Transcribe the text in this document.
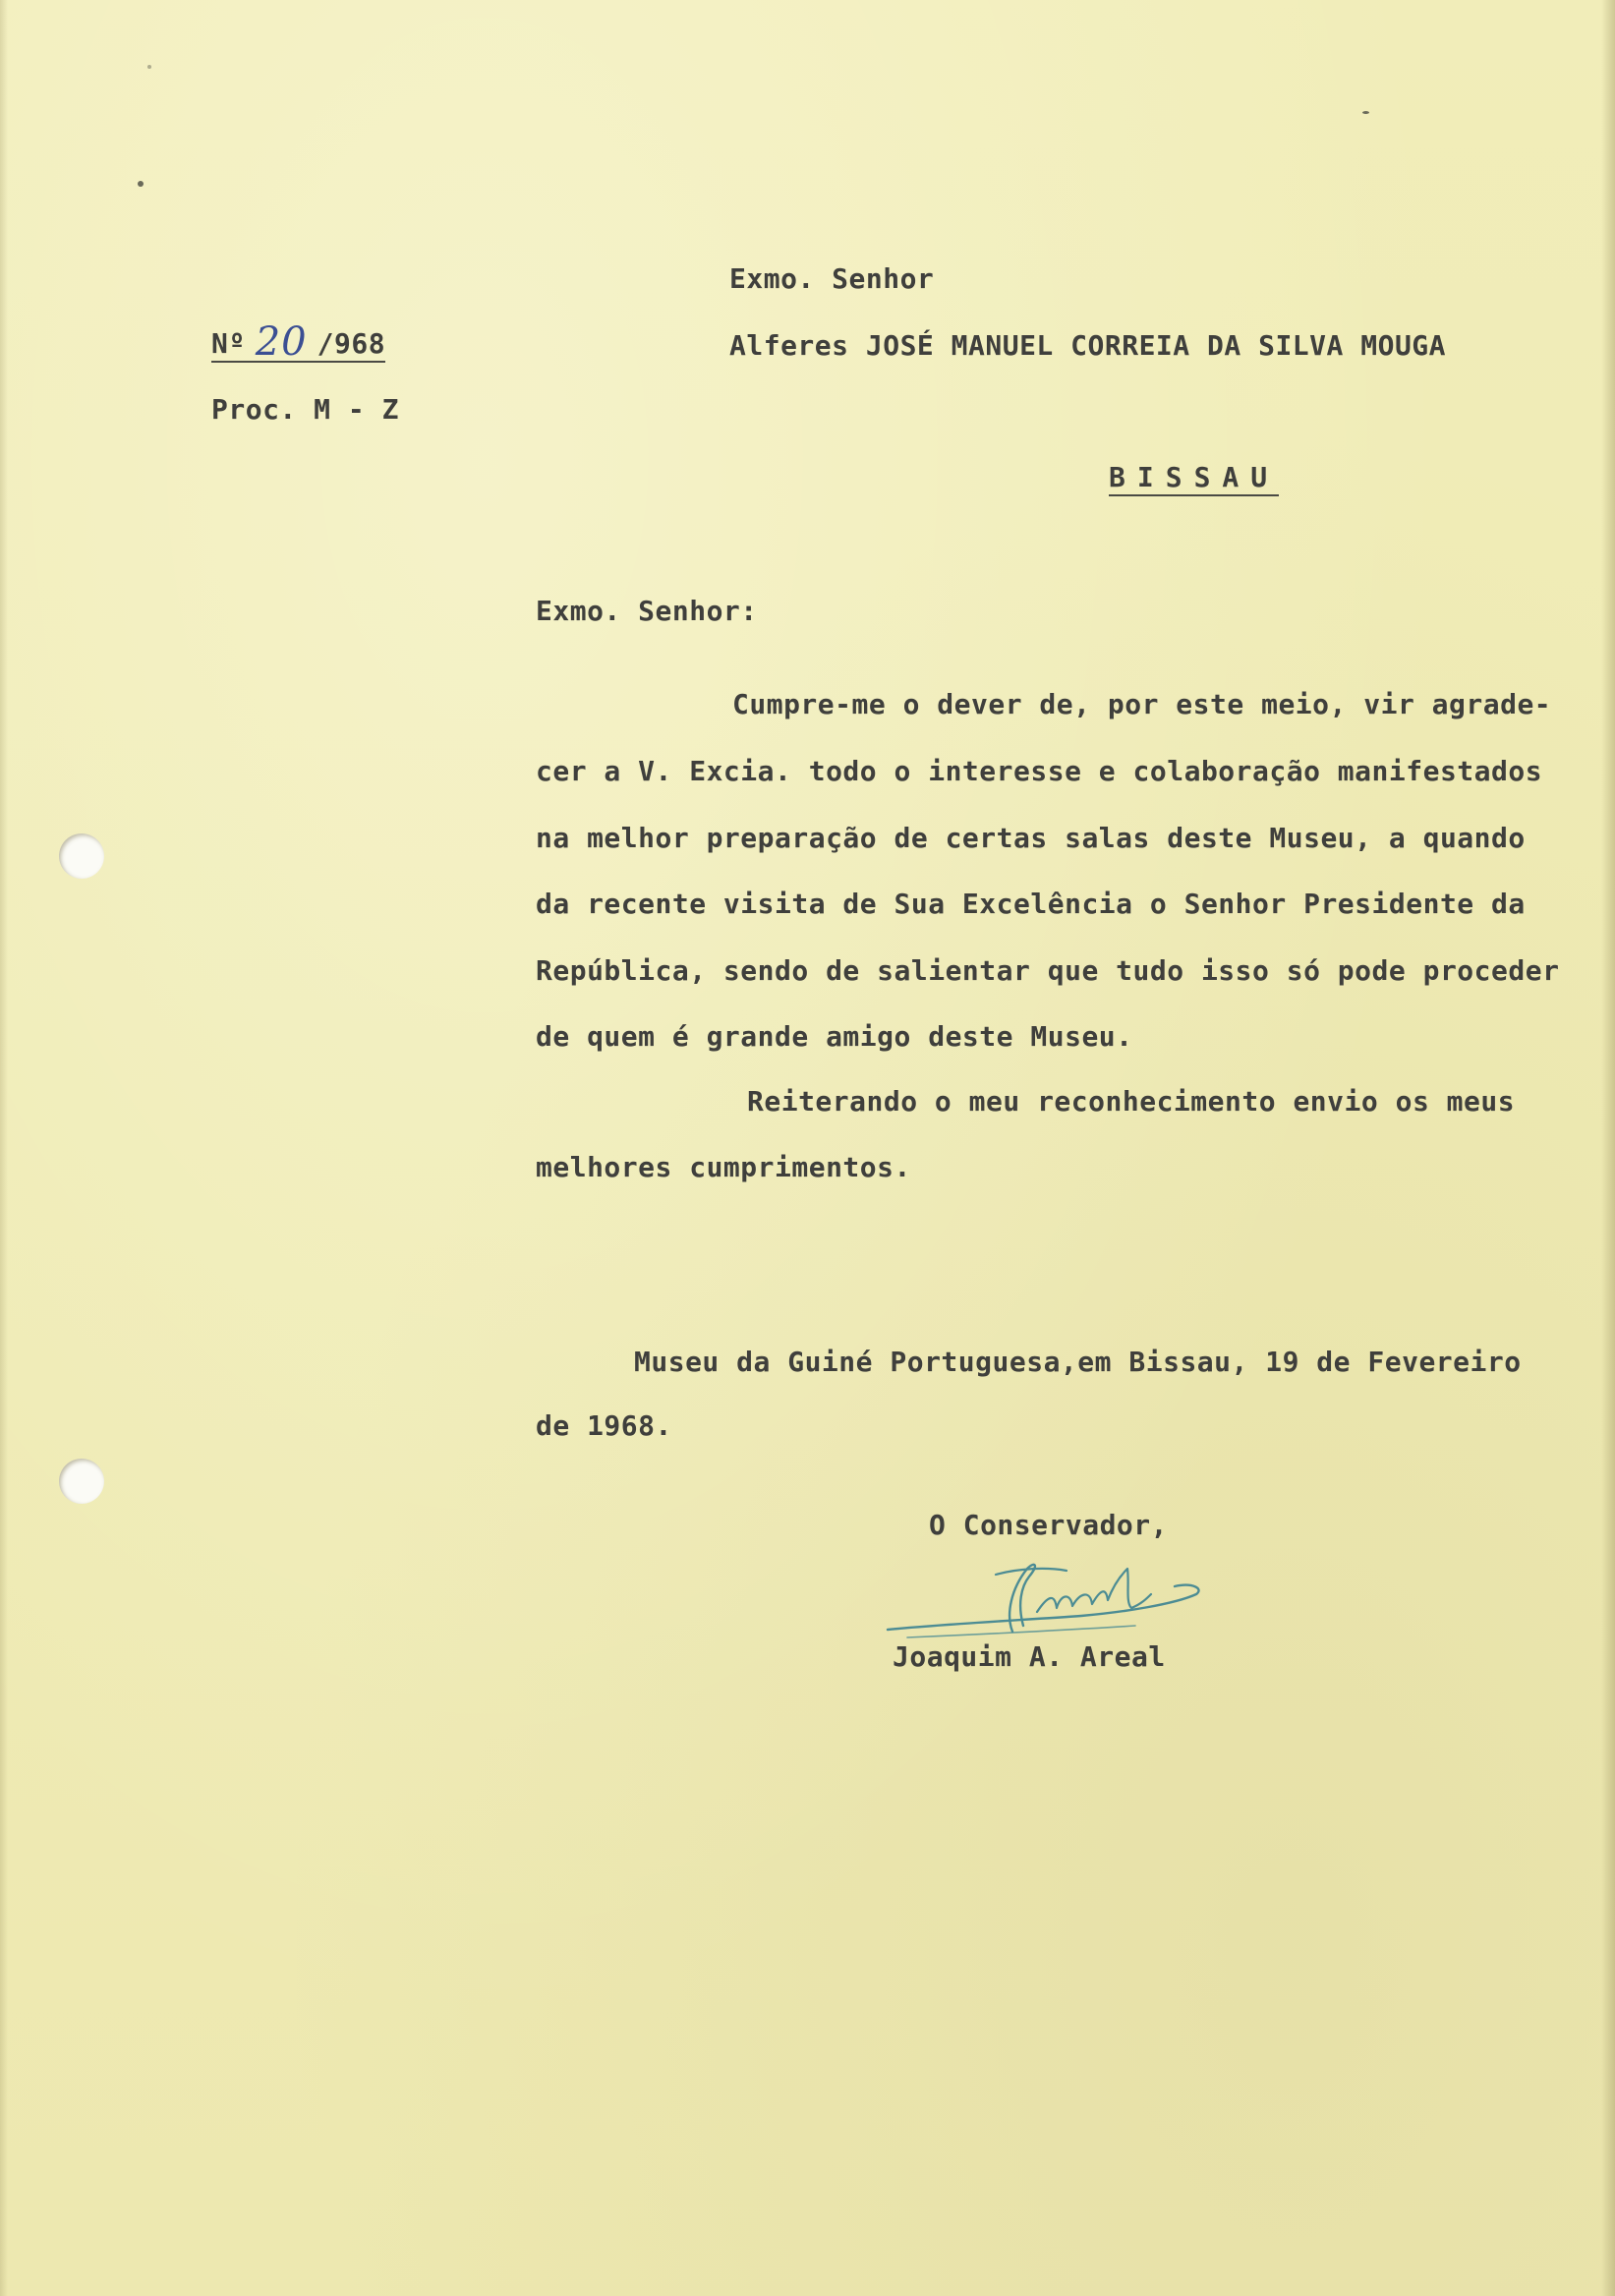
Exmo. Senhor
Nº 20 /968	Alferes JOSÉ MANUEL CORREIA DA SILVA MOUGA
Proc. M - Z
BISSAU
Exmo. Senhor:
Cumpre-me o dever de, por este meio, vir agrade-
cer a V. Excia. todo o interesse e colaboração manifestados
na melhor preparação de certas salas deste Museu, a quando
da recente visita de Sua Excelência o Senhor Presidente da
República, sendo de salientar que tudo isso só pode proceder
de quem é grande amigo deste Museu.
Reiterando o meu reconhecimento envio os meus
melhores cumprimentos.
Museu da Guiné Portuguesa,em Bissau, 19 de Fevereiro
de 1968.
O Conservador,
Joaquim A. Areal
